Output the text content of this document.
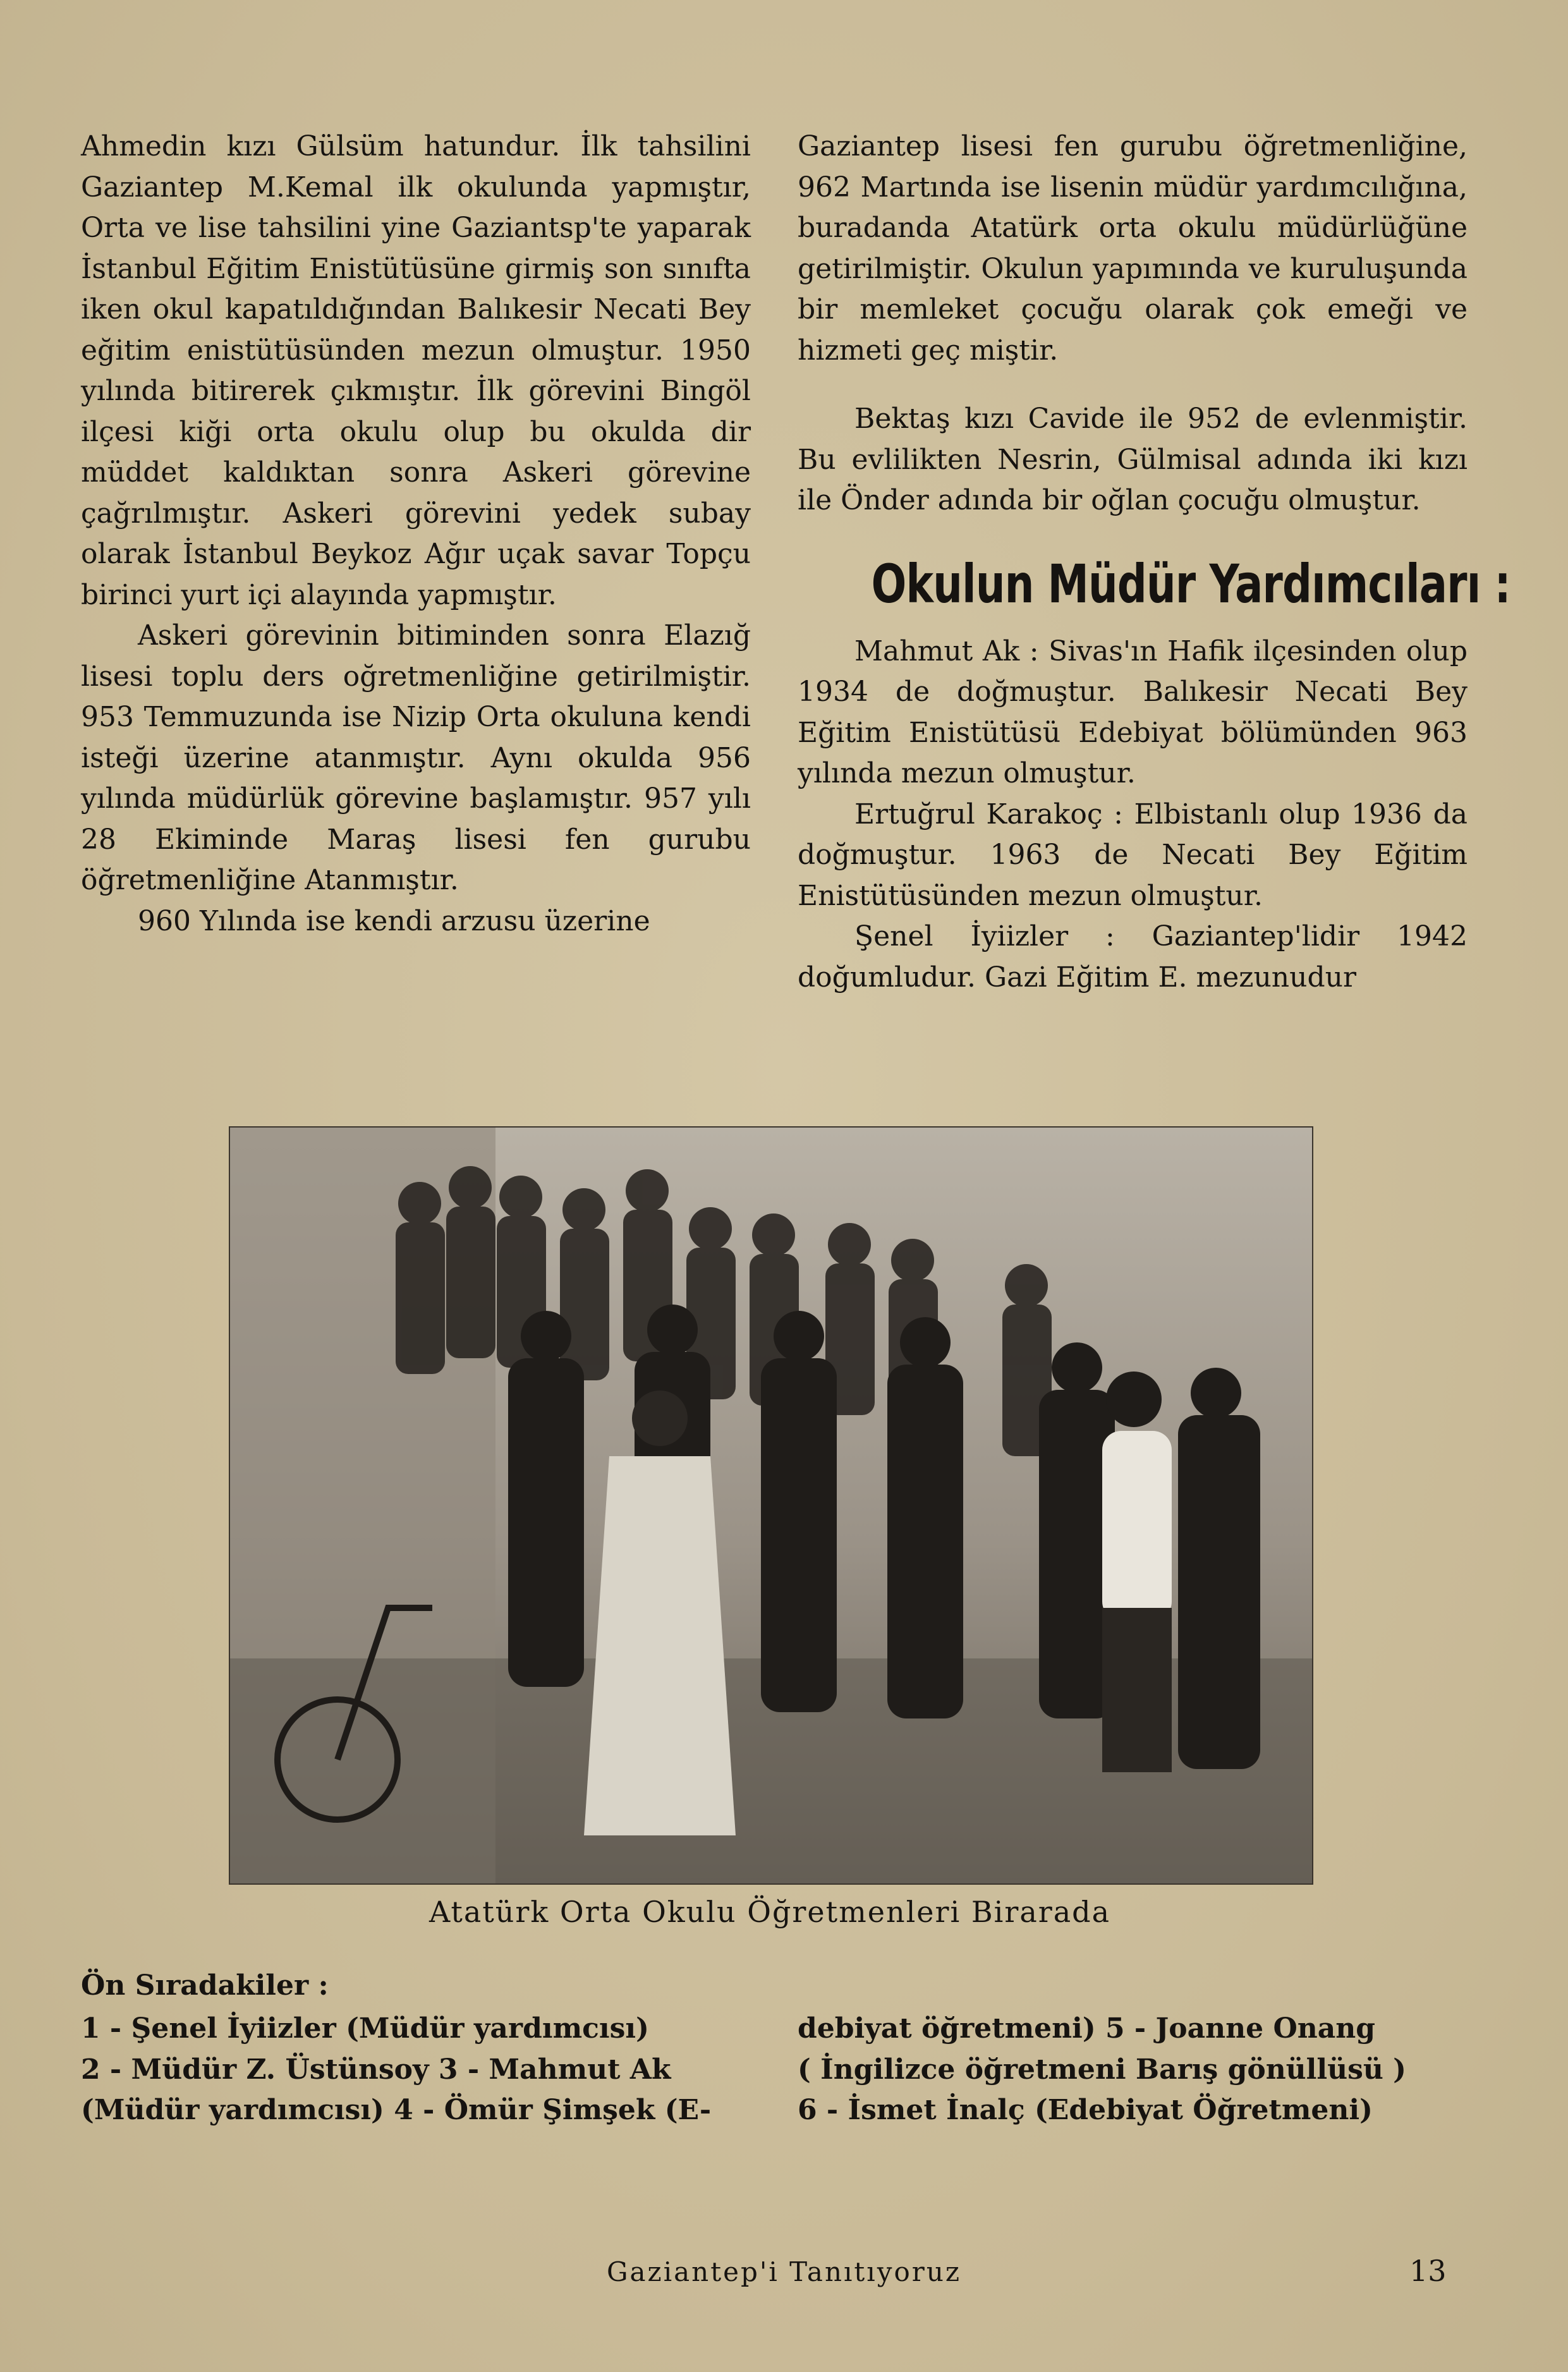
Ahmedin kızı Gülsüm hatundur. İlk tahsilini Gaziantep M.Kemal ilk okulunda yapmıştır, Orta ve lise tahsilini yine Gaziantsp'te yaparak İstanbul Eğitim Enistütüsüne girmiş son sınıfta iken okul kapatıldığından Balıkesir Necati Bey eğitim enistütüsünden mezun olmuştur. 1950 yılında bitirerek çıkmıştır. İlk görevini Bingöl ilçesi kiği orta okulu olup bu okulda dir müddet kaldıktan sonra Askeri görevine çağrılmıştır. Askeri görevini yedek subay olarak İstanbul Beykoz Ağır uçak savar Topçu birinci yurt içi alayında yapmıştır.

Askeri görevinin bitiminden sonra Elazığ lisesi toplu ders oğretmenliğine getirilmiştir. 953 Temmuzunda ise Nizip Orta okuluna kendi isteği üzerine atanmıştır. Aynı okulda 956 yılında müdürlük görevine başlamıştır. 957 yılı 28 Ekiminde Maraş lisesi fen gurubu öğretmenliğine Atanmıştır.

960 Yılında ise kendi arzusu üzerine

Gaziantep lisesi fen gurubu öğretmenliğine, 962 Martında ise lisenin müdür yardımcılığına, buradanda Atatürk orta okulu müdürlüğüne getirilmiştir. Okulun yapımında ve kuruluşunda bir memleket çocuğu olarak çok emeği ve hizmeti geç miştir.

Bektaş kızı Cavide ile 952 de evlenmiştir. Bu evlilikten Nesrin, Gülmisal adında iki kızı ile Önder adında bir oğlan çocuğu olmuştur.

Okulun Müdür Yardımcıları :

Mahmut Ak : Sivas'ın Hafik ilçesinden olup 1934 de doğmuştur. Balıkesir Necati Bey Eğitim Enistütüsü Edebiyat bölümünden 963 yılında mezun olmuştur.

Ertuğrul Karakoç : Elbistanlı olup 1936 da doğmuştur. 1963 de Necati Bey Eğitim Enistütüsünden mezun olmuştur.

Şenel İyiizler : Gaziantep'lidir 1942 doğumludur. Gazi Eğitim E. mezunudur

Atatürk Orta Okulu Öğretmenleri Birarada
Ön Sıradakiler :

1 - Şenel İyiizler (Müdür yardımcısı)

2 - Müdür Z. Üstünsoy 3 - Mahmut Ak

(Müdür yardımcısı) 4 - Ömür Şimşek (E-

debiyat öğretmeni) 5 - Joanne Onang

( İngilizce öğretmeni Barış gönüllüsü )

6 - İsmet İnalç (Edebiyat Öğretmeni)

Gaziantep'i Tanıtıyoruz	13
